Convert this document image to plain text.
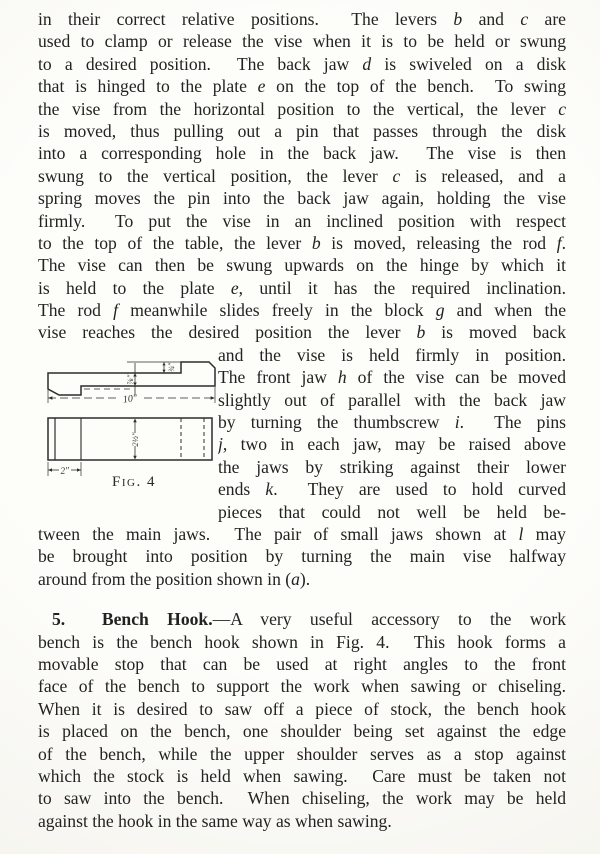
in their correct relative positions.  The levers b and c are
used to clamp or release the vise when it is to be held or swung
to a desired position.  The back jaw d is swiveled on a disk
that is hinged to the plate e on the top of the bench.  To swing
the vise from the horizontal position to the vertical, the lever c
is moved, thus pulling out a pin that passes through the disk
into a corresponding hole in the back jaw.  The vise is then
swung to the vertical position, the lever c is released, and a
spring moves the pin into the back jaw again, holding the vise
firmly.  To put the vise in an inclined position with respect
to the top of the table, the lever b is moved, releasing the rod f.
The vise can then be swung upwards on the hinge by which it
is held to the plate e, until it has the required inclination.
The rod f meanwhile slides freely in the block g and when the
vise reaches the desired position the lever b is moved back
⅞″
¾″
10″
2½″
2″
Fig. 4
and the vise is held firmly in position.
The front jaw h of the vise can be moved
slightly out of parallel with the back jaw
by turning the thumbscrew i.  The pins
j, two in each jaw, may be raised above
the jaws by striking against their lower
ends k.  They are used to hold curved
pieces that could not well be held be-
tween the main jaws.  The pair of small jaws shown at l may
be brought into position by turning the main vise halfway
around from the position shown in (a).
5.  Bench Hook.—A very useful accessory to the work
bench is the bench hook shown in Fig. 4.  This hook forms a
movable stop that can be used at right angles to the front
face of the bench to support the work when sawing or chiseling.
When it is desired to saw off a piece of stock, the bench hook
is placed on the bench, one shoulder being set against the edge
of the bench, while the upper shoulder serves as a stop against
which the stock is held when sawing.  Care must be taken not
to saw into the bench.  When chiseling, the work may be held
against the hook in the same way as when sawing.
